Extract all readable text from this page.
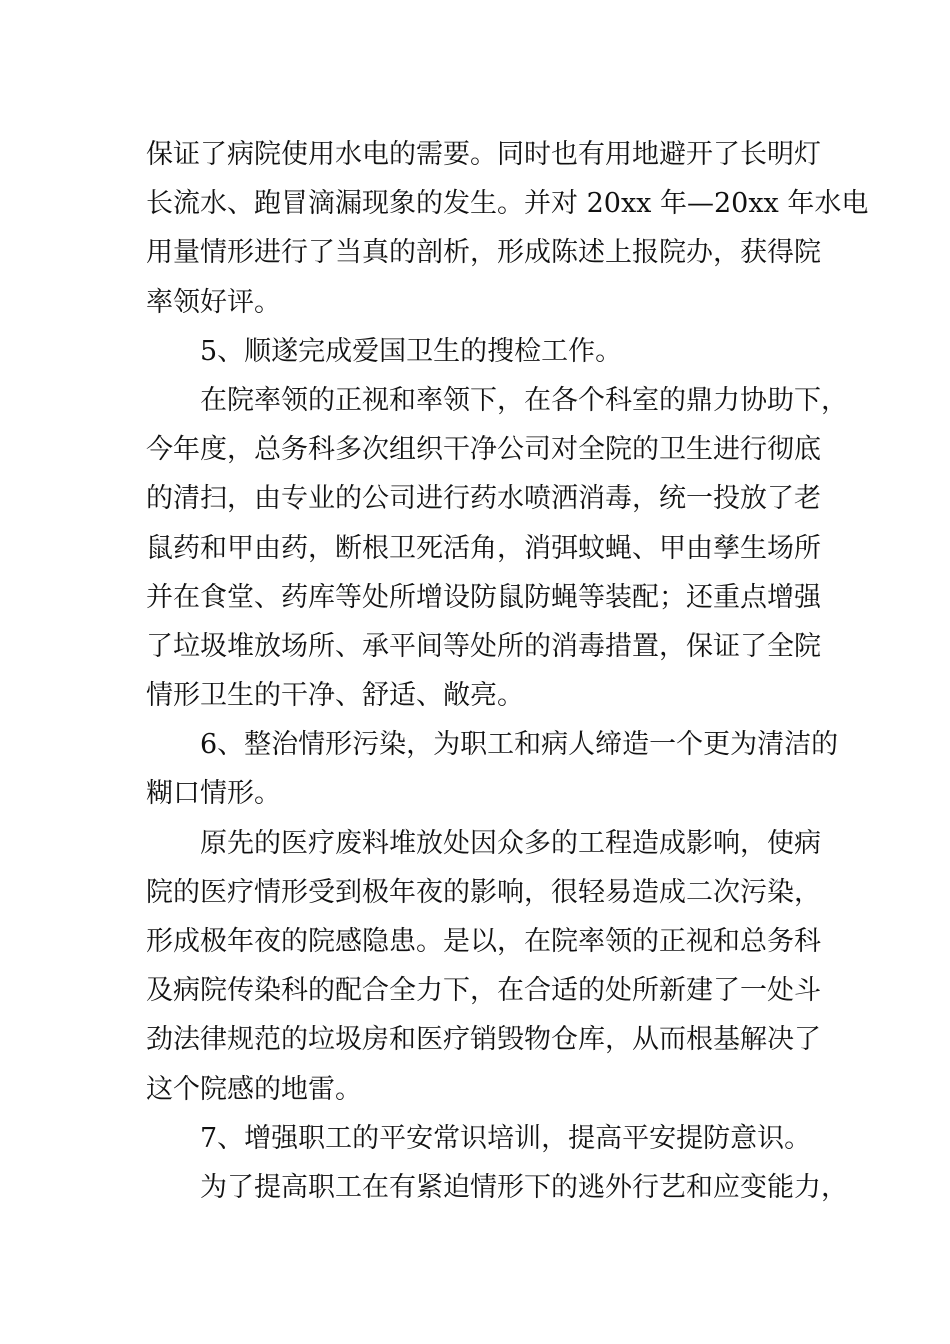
保证了病院使用水电的需要。同时也有用地避开了长明灯
长流水、跑冒滴漏现象的发生。并对 20xx 年—20xx 年水电
用量情形进行了当真的剖析，形成陈述上报院办，获得院
率领好评。
5、顺遂完成爱国卫生的搜检工作。
在院率领的正视和率领下，在各个科室的鼎力协助下，
今年度，总务科多次组织干净公司对全院的卫生进行彻底
的清扫，由专业的公司进行药水喷洒消毒，统一投放了老
鼠药和甲由药，断根卫死活角，消弭蚊蝇、甲由孳生场所
并在食堂、药库等处所增设防鼠防蝇等装配；还重点增强
了垃圾堆放场所、承平间等处所的消毒措置，保证了全院
情形卫生的干净、舒适、敞亮。
6、整治情形污染，为职工和病人缔造一个更为清洁的
糊口情形。
原先的医疗废料堆放处因众多的工程造成影响，使病
院的医疗情形受到极年夜的影响，很轻易造成二次污染，
形成极年夜的院感隐患。是以，在院率领的正视和总务科
及病院传染科的配合全力下，在合适的处所新建了一处斗
劲法律规范的垃圾房和医疗销毁物仓库，从而根基解决了
这个院感的地雷。
7、增强职工的平安常识培训，提高平安提防意识。
为了提高职工在有紧迫情形下的逃外行艺和应变能力，
